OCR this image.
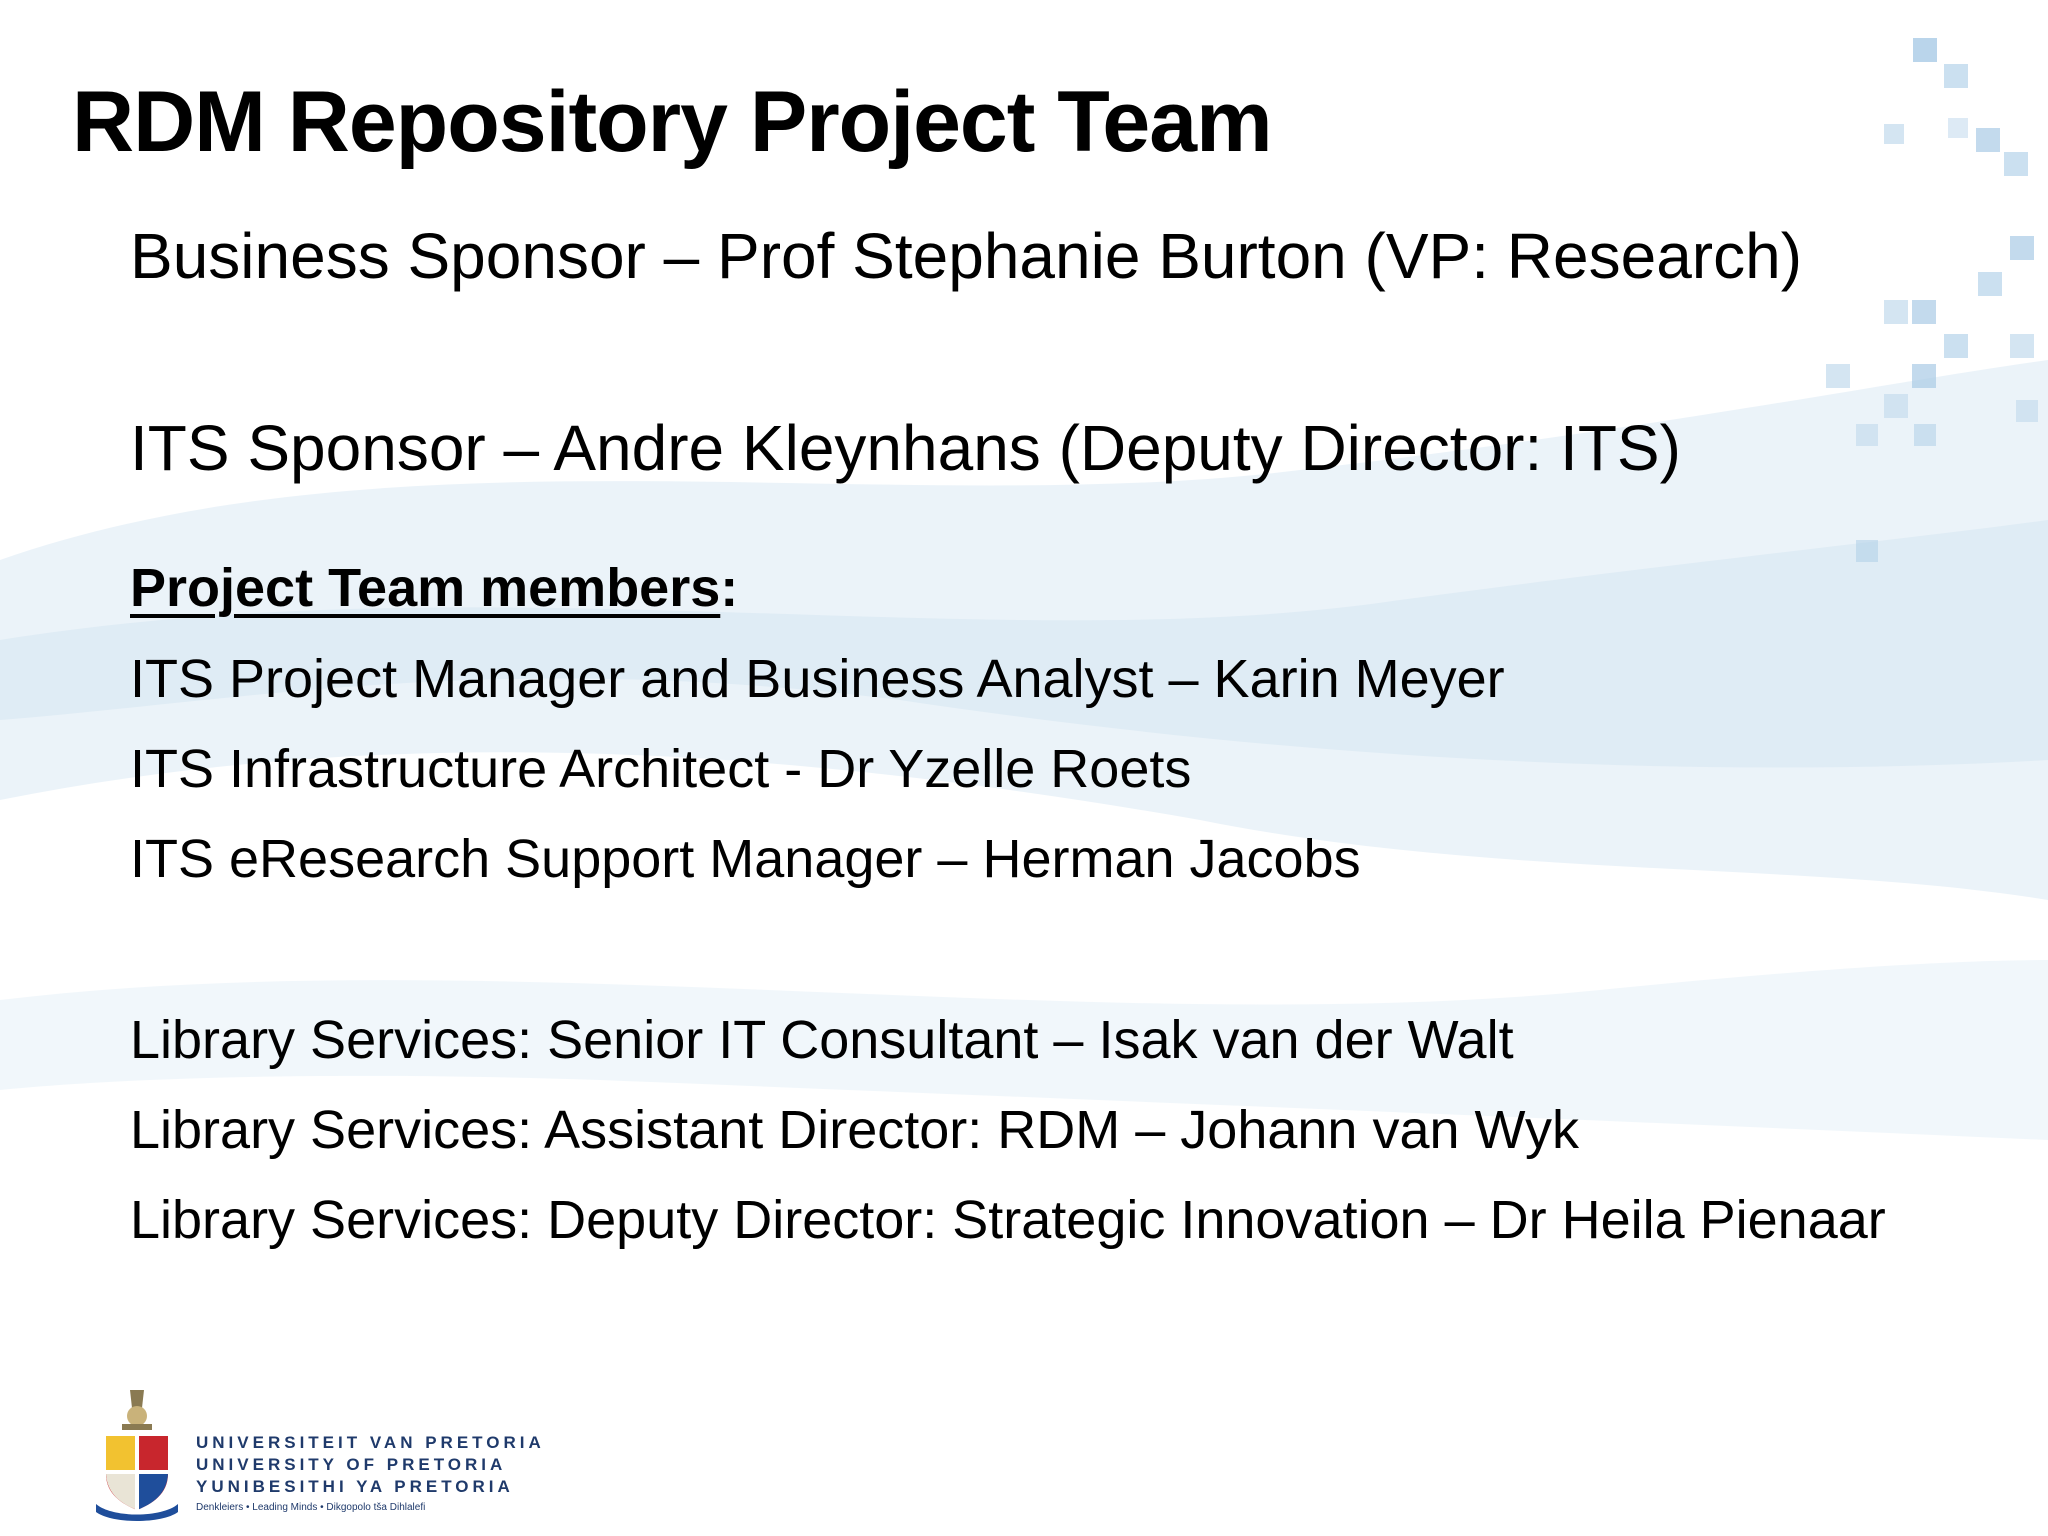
RDM Repository Project Team

Business Sponsor – Prof Stephanie Burton (VP: Research)

ITS Sponsor – Andre Kleynhans (Deputy Director: ITS)

Project Team members:

ITS Project Manager and Business Analyst – Karin Meyer

ITS Infrastructure Architect - Dr Yzelle Roets

ITS eResearch Support Manager – Herman Jacobs

Library Services: Senior IT Consultant – Isak van der Walt

Library Services: Assistant Director: RDM – Johann van Wyk

Library Services: Deputy Director: Strategic Innovation – Dr Heila Pienaar

UNIVERSITEIT VAN PRETORIA
UNIVERSITY OF PRETORIA
YUNIBESITHI YA PRETORIA
Denkleiers • Leading Minds • Dikgopolo tša Dihlalefi
